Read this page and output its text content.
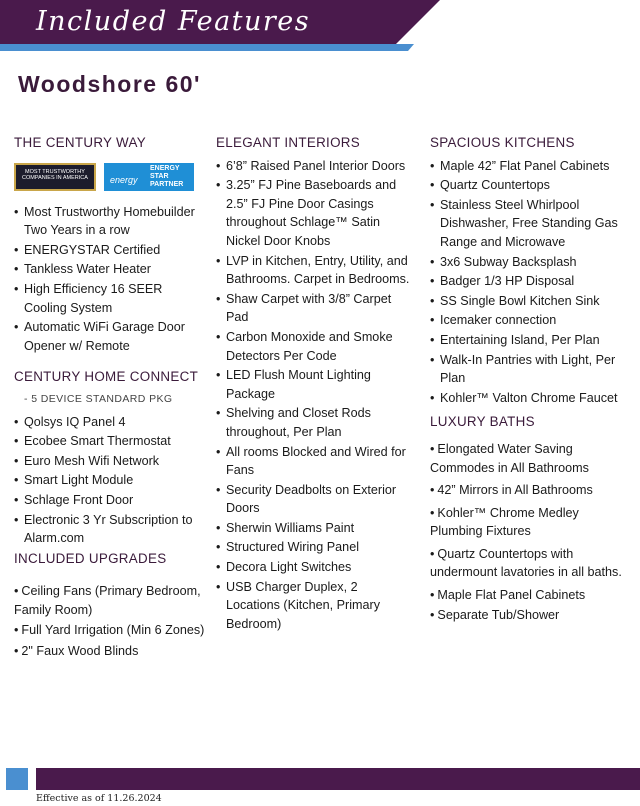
Included Features
Woodshore 60'
THE CENTURY WAY
MOST TRUSTWORTHY COMPANIES IN AMERICA	energy
ENERGY
STAR
PARTNER
• Most Trustworthy Homebuilder Two Years in a row
• ENERGYSTAR Certified
• Tankless Water Heater
• High Efficiency 16 SEER Cooling System
• Automatic WiFi Garage Door Opener w/ Remote
CENTURY HOME CONNECT
- 5 DEVICE STANDARD PKG
• Qolsys IQ Panel 4
• Ecobee Smart Thermostat
• Euro Mesh Wifi Network
• Smart Light Module
• Schlage Front Door
• Electronic 3 Yr Subscription to Alarm.com
INCLUDED UPGRADES
• Ceiling Fans (Primary Bedroom, Family Room)
• Full Yard Irrigation (Min 6 Zones)
• 2" Faux Wood Blinds
ELEGANT INTERIORS
• 6’8” Raised Panel Interior Doors
• 3.25” FJ Pine Baseboards and 2.5” FJ Pine Door Casings throughout Schlage™ Satin Nickel Door Knobs
• LVP in Kitchen, Entry, Utility, and Bathrooms. Carpet in Bedrooms.
• Shaw Carpet with 3/8” Carpet Pad
• Carbon Monoxide and Smoke Detectors Per Code
• LED Flush Mount Lighting Package
• Shelving and Closet Rods throughout, Per Plan
• All rooms Blocked and Wired for Fans
• Security Deadbolts on Exterior Doors
• Sherwin Williams Paint
• Structured Wiring Panel
• Decora Light Switches
• USB Charger Duplex, 2 Locations (Kitchen, Primary Bedroom)
SPACIOUS KITCHENS
• Maple 42” Flat Panel Cabinets
• Quartz Countertops
• Stainless Steel Whirlpool Dishwasher, Free Standing Gas Range and Microwave
• 3x6 Subway Backsplash
• Badger 1/3 HP Disposal
• SS Single Bowl Kitchen Sink
• Icemaker connection
• Entertaining Island, Per Plan
• Walk-In Pantries with Light, Per Plan
• Kohler™ Valton Chrome Faucet
LUXURY BATHS
• Elongated Water Saving Commodes in All Bathrooms
• 42” Mirrors in All Bathrooms
• Kohler™ Chrome Medley Plumbing Fixtures
• Quartz Countertops with undermount lavatories in all baths.
• Maple Flat Panel Cabinets
• Separate Tub/Shower
Effective as of 11.26.2024
